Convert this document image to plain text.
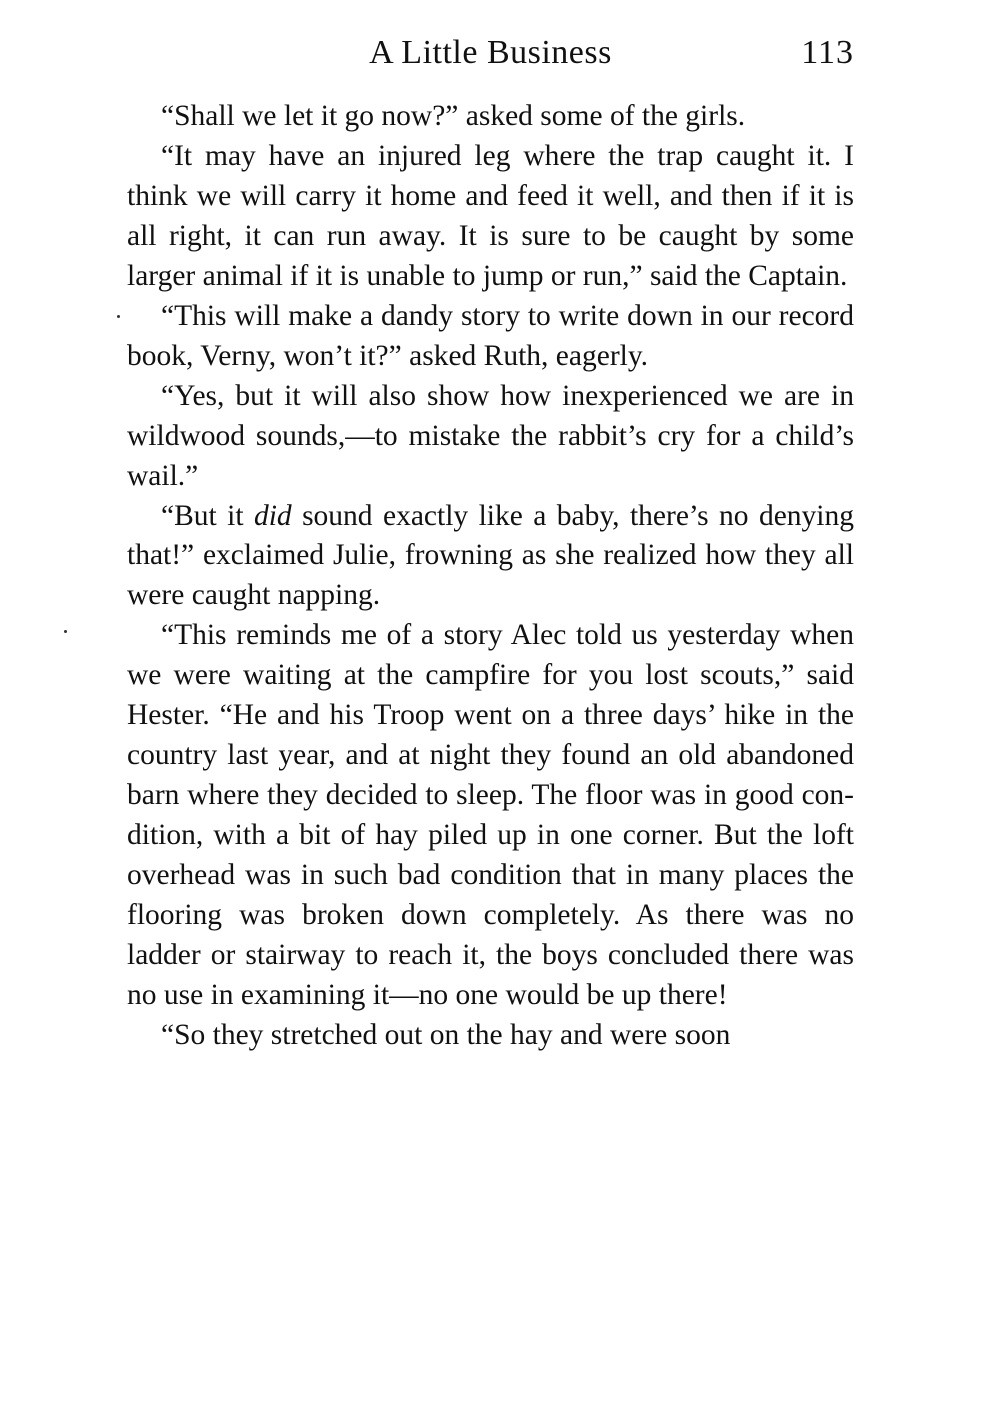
A Little Business	113

“Shall we let it go now?” asked some of the girls.

“It may have an injured leg where the trap caught it. I think we will carry it home and feed it well, and then if it is all right, it can run away. It is sure to be caught by some larger animal if it is unable to jump or run,” said the Captain.

“This will make a dandy story to write down in our record book, Verny, won’t it?” asked Ruth, eagerly.

“Yes, but it will also show how inexperienced we are in wildwood sounds,—to mistake the rabbit’s cry for a child’s wail.”

“But it did sound exactly like a baby, there’s no denying that!” exclaimed Julie, frowning as she realized how they all were caught napping.

“This reminds me of a story Alec told us yesterday when we were waiting at the campfire for you lost scouts,” said Hester. “He and his Troop went on a three days’ hike in the country last year, and at night they found an old abandoned barn where they decided to sleep. The floor was in good condition, with a bit of hay piled up in one corner. But the loft overhead was in such bad condition that in many places the flooring was broken down completely. As there was no ladder or stairway to reach it, the boys concluded there was no use in examining it—no one would be up there!

“So they stretched out on the hay and were soon
